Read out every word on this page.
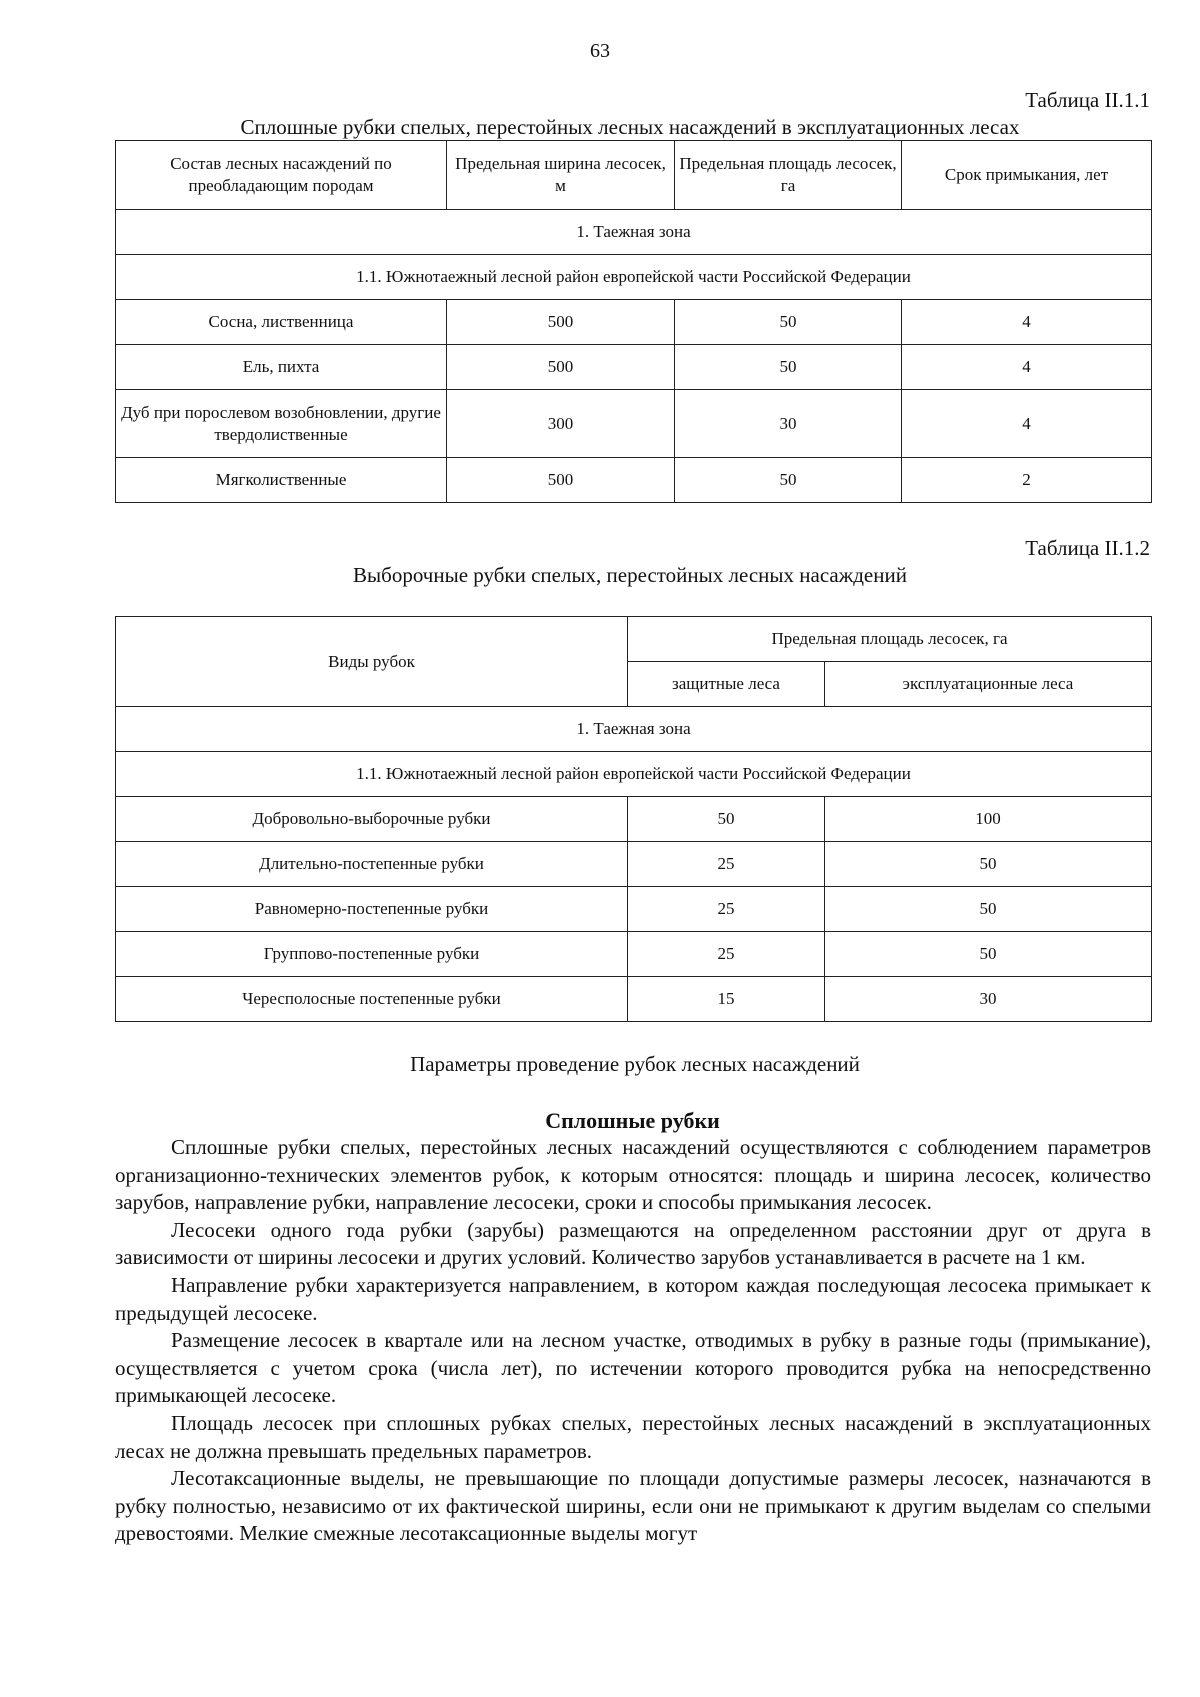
63
Таблица II.1.1
Сплошные рубки спелых, перестойных лесных насаждений в эксплуатационных лесах
Состав лесных насаждений по преобладающим породам	Предельная ширина лесосек, м	Предельная площадь лесосек, га	Срок примыкания, лет
1. Таежная зона			
1.1. Южнотаежный лесной район европейской части Российской Федерации			
Сосна, лиственница	500	50	4
Ель, пихта	500	50	4
Дуб при порослевом возобновлении, другие твердолиственные	300	30	4
Мягколиственные	500	50	2
Таблица II.1.2
Выборочные рубки спелых, перестойных лесных насаждений
Виды рубок	Предельная площадь лесосек, га	
	защитные леса	эксплуатационные леса
1. Таежная зона		
1.1. Южнотаежный лесной район европейской части Российской Федерации		
Добровольно-выборочные рубки	50	100
Длительно-постепенные рубки	25	50
Равномерно-постепенные рубки	25	50
Группово-постепенные рубки	25	50
Чересполосные постепенные рубки	15	30
Параметры проведение рубок лесных насаждений
Сплошные рубки

Сплошные рубки спелых, перестойных лесных насаждений осуществляются с соблюдением параметров организационно-технических элементов рубок, к которым относятся: площадь и ширина лесосек, количество зарубов, направление рубки, направление лесосеки, сроки и способы примыкания лесосек.

Лесосеки одного года рубки (зарубы) размещаются на определенном расстоянии друг от друга в зависимости от ширины лесосеки и других условий. Количество зарубов устанавливается в расчете на 1 км.

Направление рубки характеризуется направлением, в котором каждая последующая лесосека примыкает к предыдущей лесосеке.

Размещение лесосек в квартале или на лесном участке, отводимых в рубку в разные годы (примыкание), осуществляется с учетом срока (числа лет), по истечении которого проводится рубка на непосредственно примыкающей лесосеке.

Площадь лесосек при сплошных рубках спелых, перестойных лесных насаждений в эксплуатационных лесах не должна превышать предельных параметров.

Лесотаксационные выделы, не превышающие по площади допустимые размеры лесосек, назначаются в рубку полностью, независимо от их фактической ширины, если они не примыкают к другим выделам со спелыми древостоями. Мелкие смежные лесотаксационные выделы могут
